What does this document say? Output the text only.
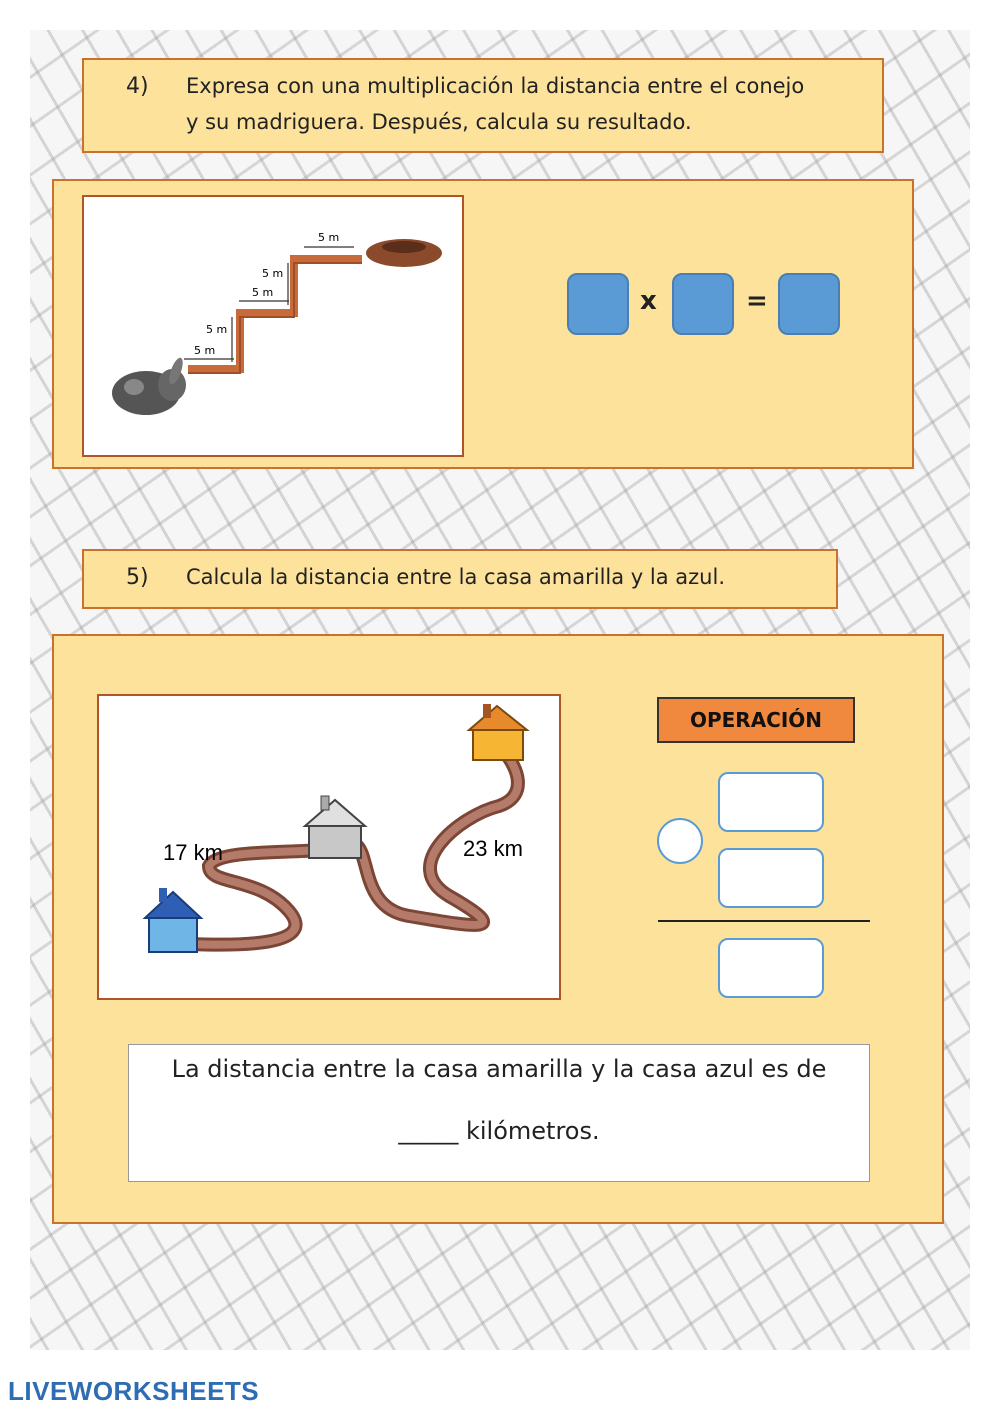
4) Expresa con una multiplicación la distancia entre el conejo
y su madriguera. Después, calcula su resultado.
5 m
5 m
5 m
5 m
5 m
x	=
5) Calcula la distancia entre la casa amarilla y la azul.
17 km	23 km
OPERACIÓN
La distancia entre la casa amarilla y la casa azul es de
_____ kilómetros.
LIVEWORKSHEETS
